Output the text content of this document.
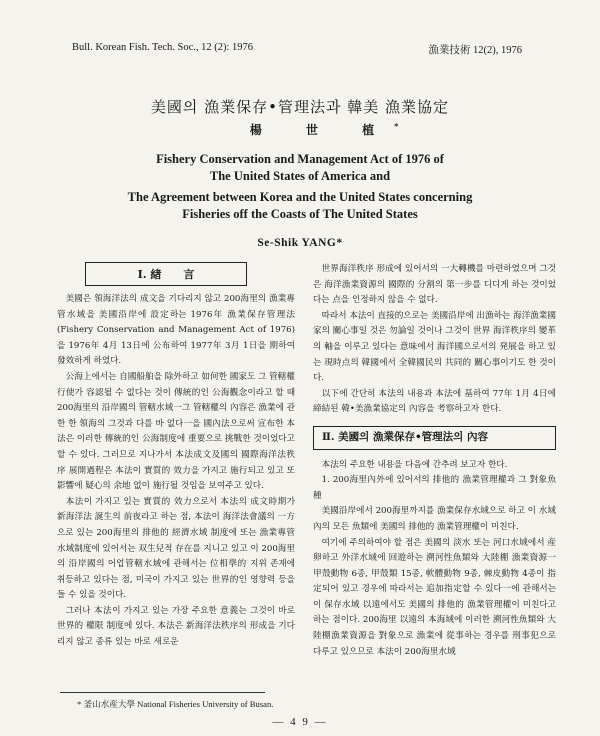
Bull. Korean Fish. Tech. Soc., 12 (2): 1976	漁業技術 12(2), 1976
美國의 漁業保存•管理法과 韓美 漁業協定
楊 世 植*
Fishery Conservation and Management Act of 1976 of
The United States of America and
The Agreement between Korea and the United States concerning
Fisheries off the Coasts of The United States
Se-Shik YANG*
Ⅰ. 緖　　言

美國은 領海洋法의 成文을 기다리지 않고 200海里의 漁業專管水域을 美國沿岸에 設定하는 1976年 漁業保存管理法(Fishery Conservation and Management Act of 1976)을 1976年 4月 13日에 公布하여 1977年 3月 1日을 期하여 發效하게 하였다.

公海上에서는 自國船舶을 除外하고 如何한 國家도 그 管轄權行使가 容認될 수 없다는 것이 傳統的인 公海觀念이라고 할 때 200海里의 沿岸國의 管轄水域一그 管轄權의 內容은 漁業에 관한 한 領海의 그것과 다를 바 없다一을 國內法으로써 宣布한 本法은 이러한 傳統的인 公海制度에 重要으로 挑戰한 것이었다고 할 수 있다. 그러므로 지나가서 本法成文及國의 國際海洋法秩序 展開過程은 本法이 實質的 效力을 가지고 施行되고 있고 또 影響에 疑心의 余地 없이 施行될 것임을 보여주고 있다.

本法이 가지고 있는 實質的 效力으로서 本法의 成文時期가 新海洋法 誕生의 前夜라고 하는 점, 本法이 海洋法會議의 一方으로 있는 200海里의 排他的 經濟水域 制度에 또는 漁業專管水域制度에 있어서는 双生兒적 存在를 지니고 있고 이 200海里의 沿岸國의 어업管轄水域에 관해서는 位相學的 지위 존재에 취등하고 있다는 점, 미국이 가지고 있는 世界的인 영향력 등을 들 수 있을 것이다.

그러나 本法이 가지고 있는 가장 주요한 意義는 그것이 바로 世界的 權限 制度에 있다. 本法은 新海洋法秩序의 形成을 기다리지 않고 종류 있는 바로 새로운

世界海洋秩序 形成에 있어서의 一大轉機를 마련하였으며 그것은 海洋漁業資源의 國際的 分割의 第一步를 디디게 하는 것이었다는 点을 인정하지 않을 수 없다.

따라서 本法이 直接的으로는 美國沿岸에 出漁하는 海洋漁業國家의 關心事일 것은 勿論일 것이나 그것이 世界 海洋秩序의 變革의 軸을 이루고 있다는 意味에서 海洋國으로서의 発展을 하고 있는 現時点의 韓國에서 全韓國民의 共同的 關心事이기도 한 것이다.

以下에 간단히 本法의 내용과 本法에 基하여 77年 1月 4日에 締結된 韓•美漁業協定의 內容을 考察하고자 한다.

Ⅱ. 美國의 漁業保存•管理法의 內容

本法의 주요한 내용을 다음에 간추려 보고자 한다.

1. 200海里內外에 있어서의 排他的 漁業管理權과 그 對象魚種

美國沿岸에서 200海里까지를 漁業保存水域으로 하고 이 水域內의 모든 魚類에 美國의 排他的 漁業管理權이 미친다.

여기에 주의하여야 할 점은 美國의 淡水 또는 河口水域에서 産卵하고 外洋水域에 回遊하는 溯河性魚類와 大陸棚 漁業資源一甲殼動物 6종, 甲殼類 15종, 軟體動物 9종, 棘皮動物 4종이 指定되어 있고 경우에 따라서는 追加指定할 수 있다一에 관해서는 이 保存水域 以遠에서도 美國의 排他的 漁業管理權이 미친다고 하는 점이다. 200海里 以遠의 本海域에 이러한 溯河性魚類와 大陸棚漁業資源을 對象으로 漁業에 從事하는 경우를 刑事犯으로 다루고 있으므로 本法이 200海里水域

* 釜山水産大學 National Fisheries University of Busan.
— 4 9 —
